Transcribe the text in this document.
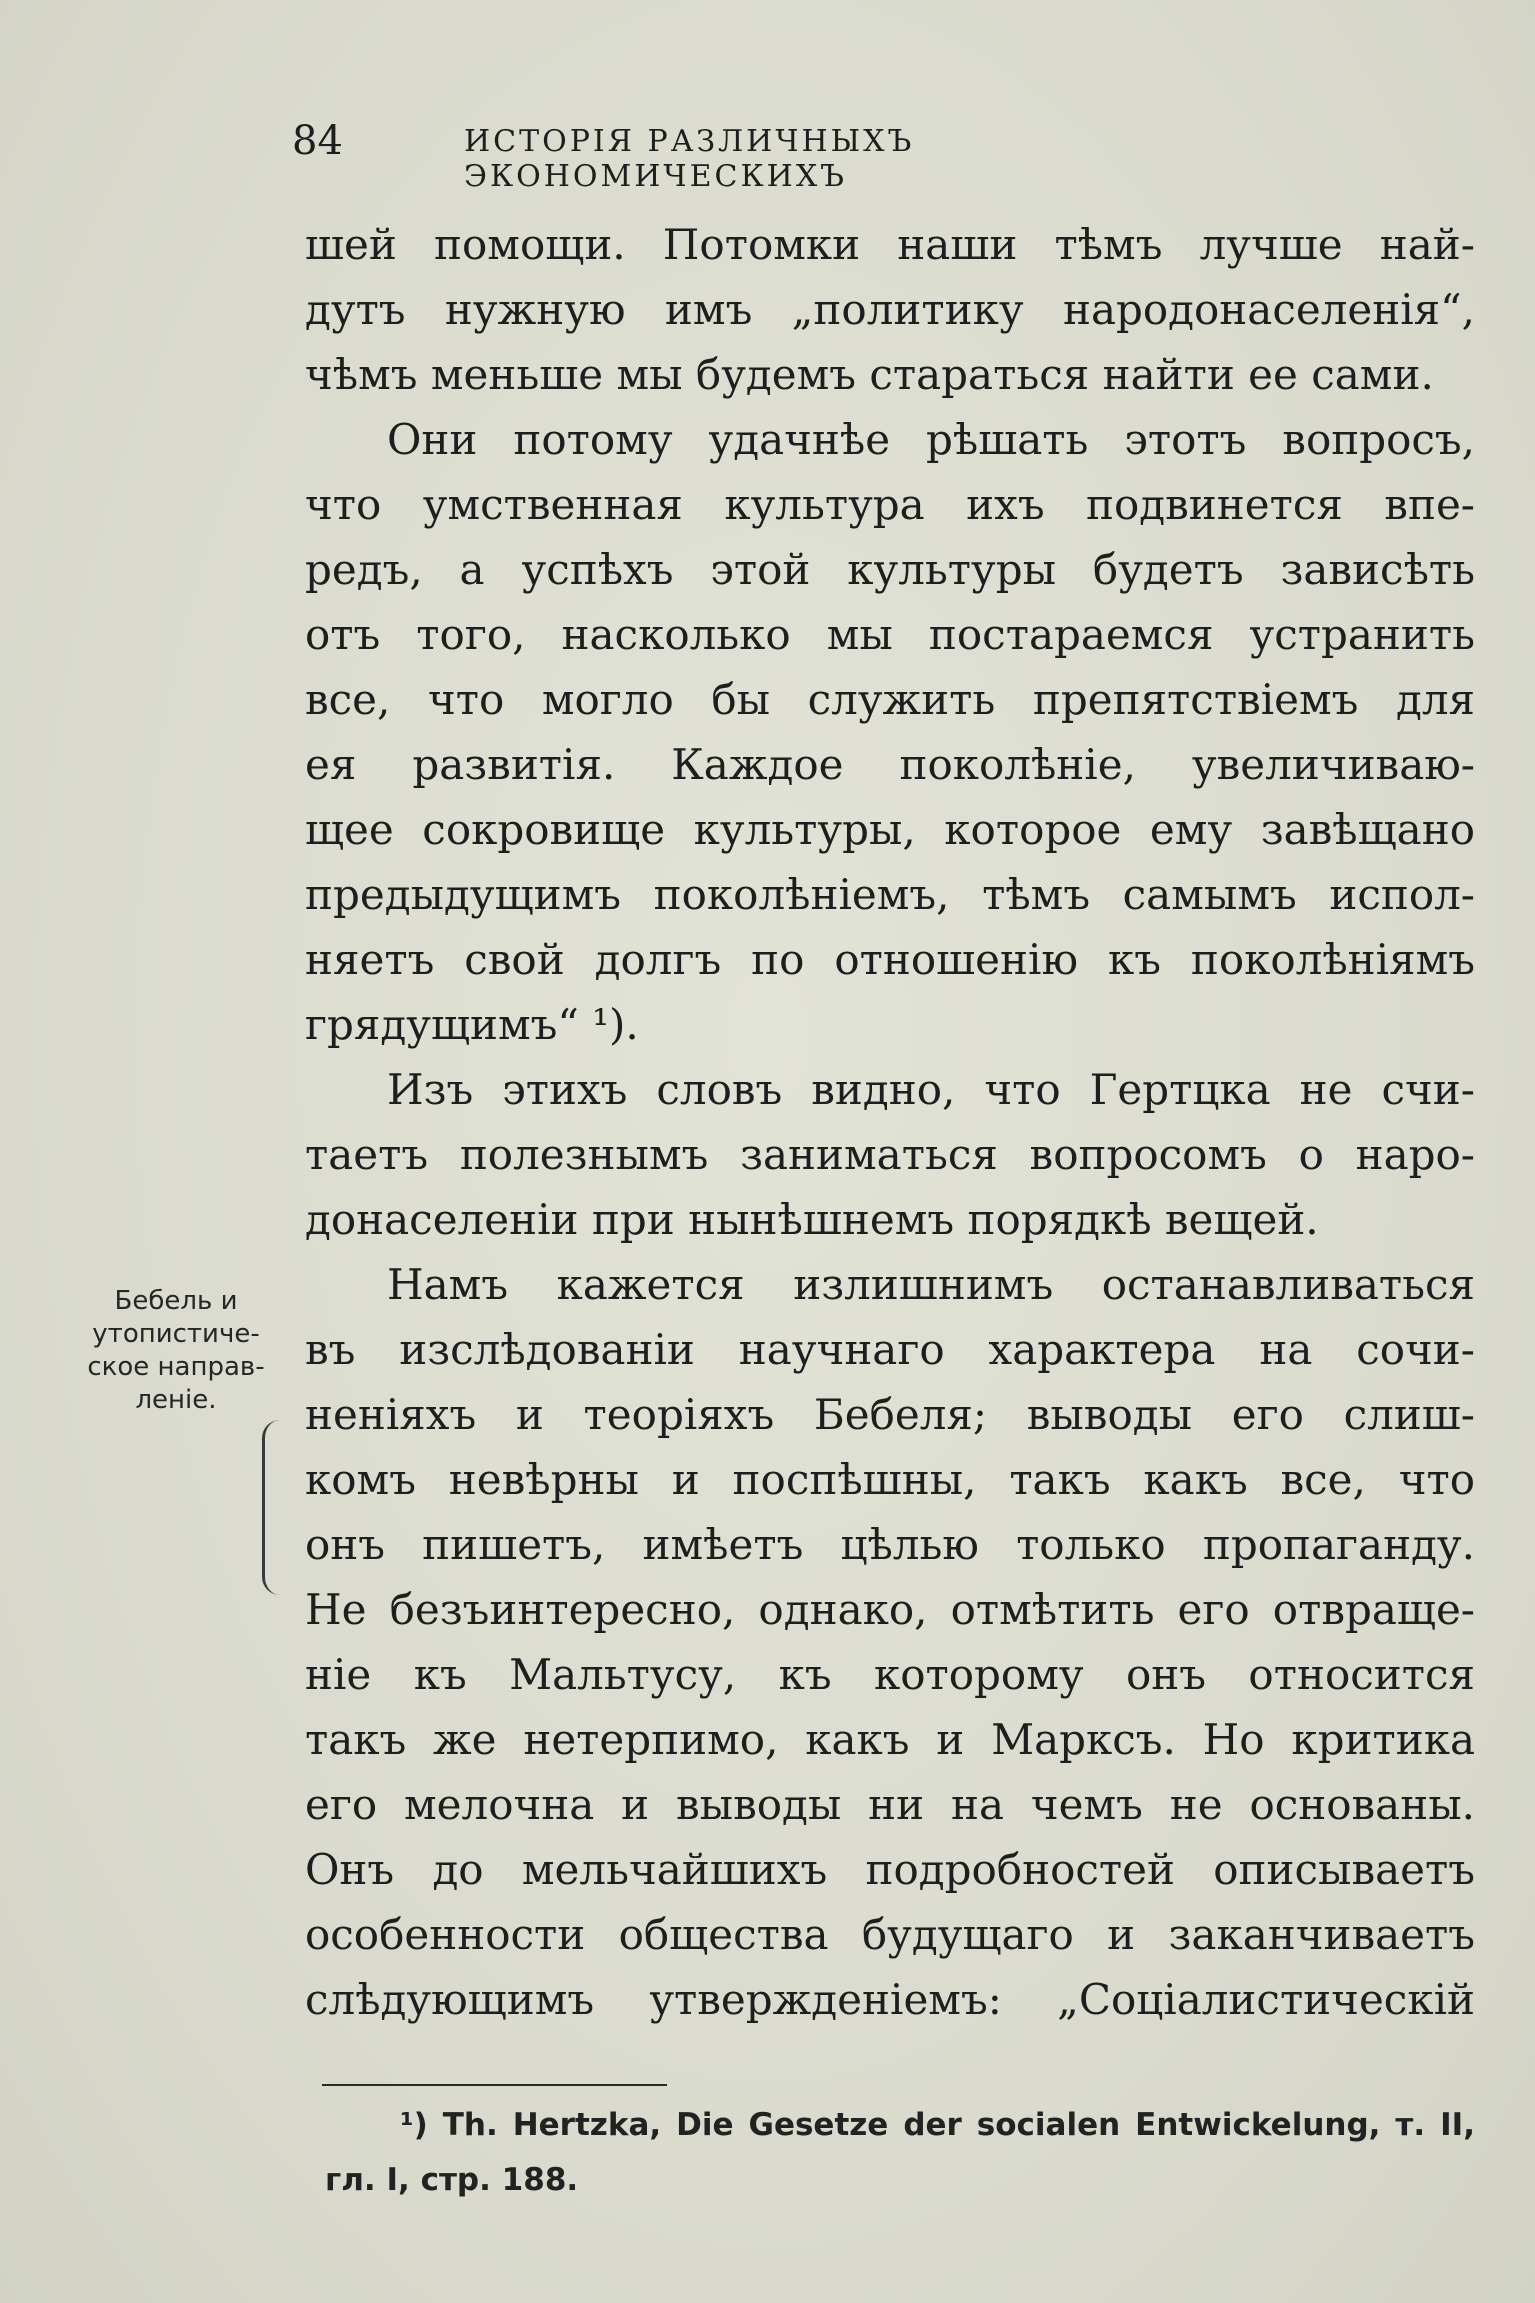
84	ИСТОРІЯ РАЗЛИЧНЫХЪ ЭКОНОМИЧЕСКИХЪ
шей помощи. Потомки наши тѣмъ лучше най-
дутъ нужную имъ „политику народонаселенія“,
чѣмъ меньше мы будемъ стараться найти ее сами.
Они потому удачнѣе рѣшать этотъ вопросъ,
что умственная культура ихъ подвинется впе-
редъ, а успѣхъ этой культуры будетъ зависѣть
отъ того, насколько мы постараемся устранить
все, что могло бы служить препятствіемъ для
ея развитія. Каждое поколѣніе, увеличиваю-
щее сокровище культуры, которое ему завѣщано
предыдущимъ поколѣніемъ, тѣмъ самымъ испол-
няетъ свой долгъ по отношенію къ поколѣніямъ
грядущимъ“ ¹).
Изъ этихъ словъ видно, что Гертцка не счи-
таетъ полезнымъ заниматься вопросомъ о наро-
донаселеніи при нынѣшнемъ порядкѣ вещей.
Намъ кажется излишнимъ останавливаться
въ изслѣдованіи научнаго характера на сочи-
неніяхъ и теоріяхъ Бебеля; выводы его слиш-
комъ невѣрны и поспѣшны, такъ какъ все, что
онъ пишетъ, имѣетъ цѣлью только пропаганду.
Не безъинтересно, однако, отмѣтить его отвраще-
ніе къ Мальтусу, къ которому онъ относится
такъ же нетерпимо, какъ и Марксъ. Но критика
его мелочна и выводы ни на чемъ не основаны.
Онъ до мельчайшихъ подробностей описываетъ
особенности общества будущаго и заканчиваетъ
слѣдующимъ утвержденіемъ: „Соціалистическій
Бебель и
утопистиче-
ское направ-
леніе.
¹) Th. Hertzka, Die Gesetze der socialen Entwickelung, т. II,
гл. I, стр. 188.
